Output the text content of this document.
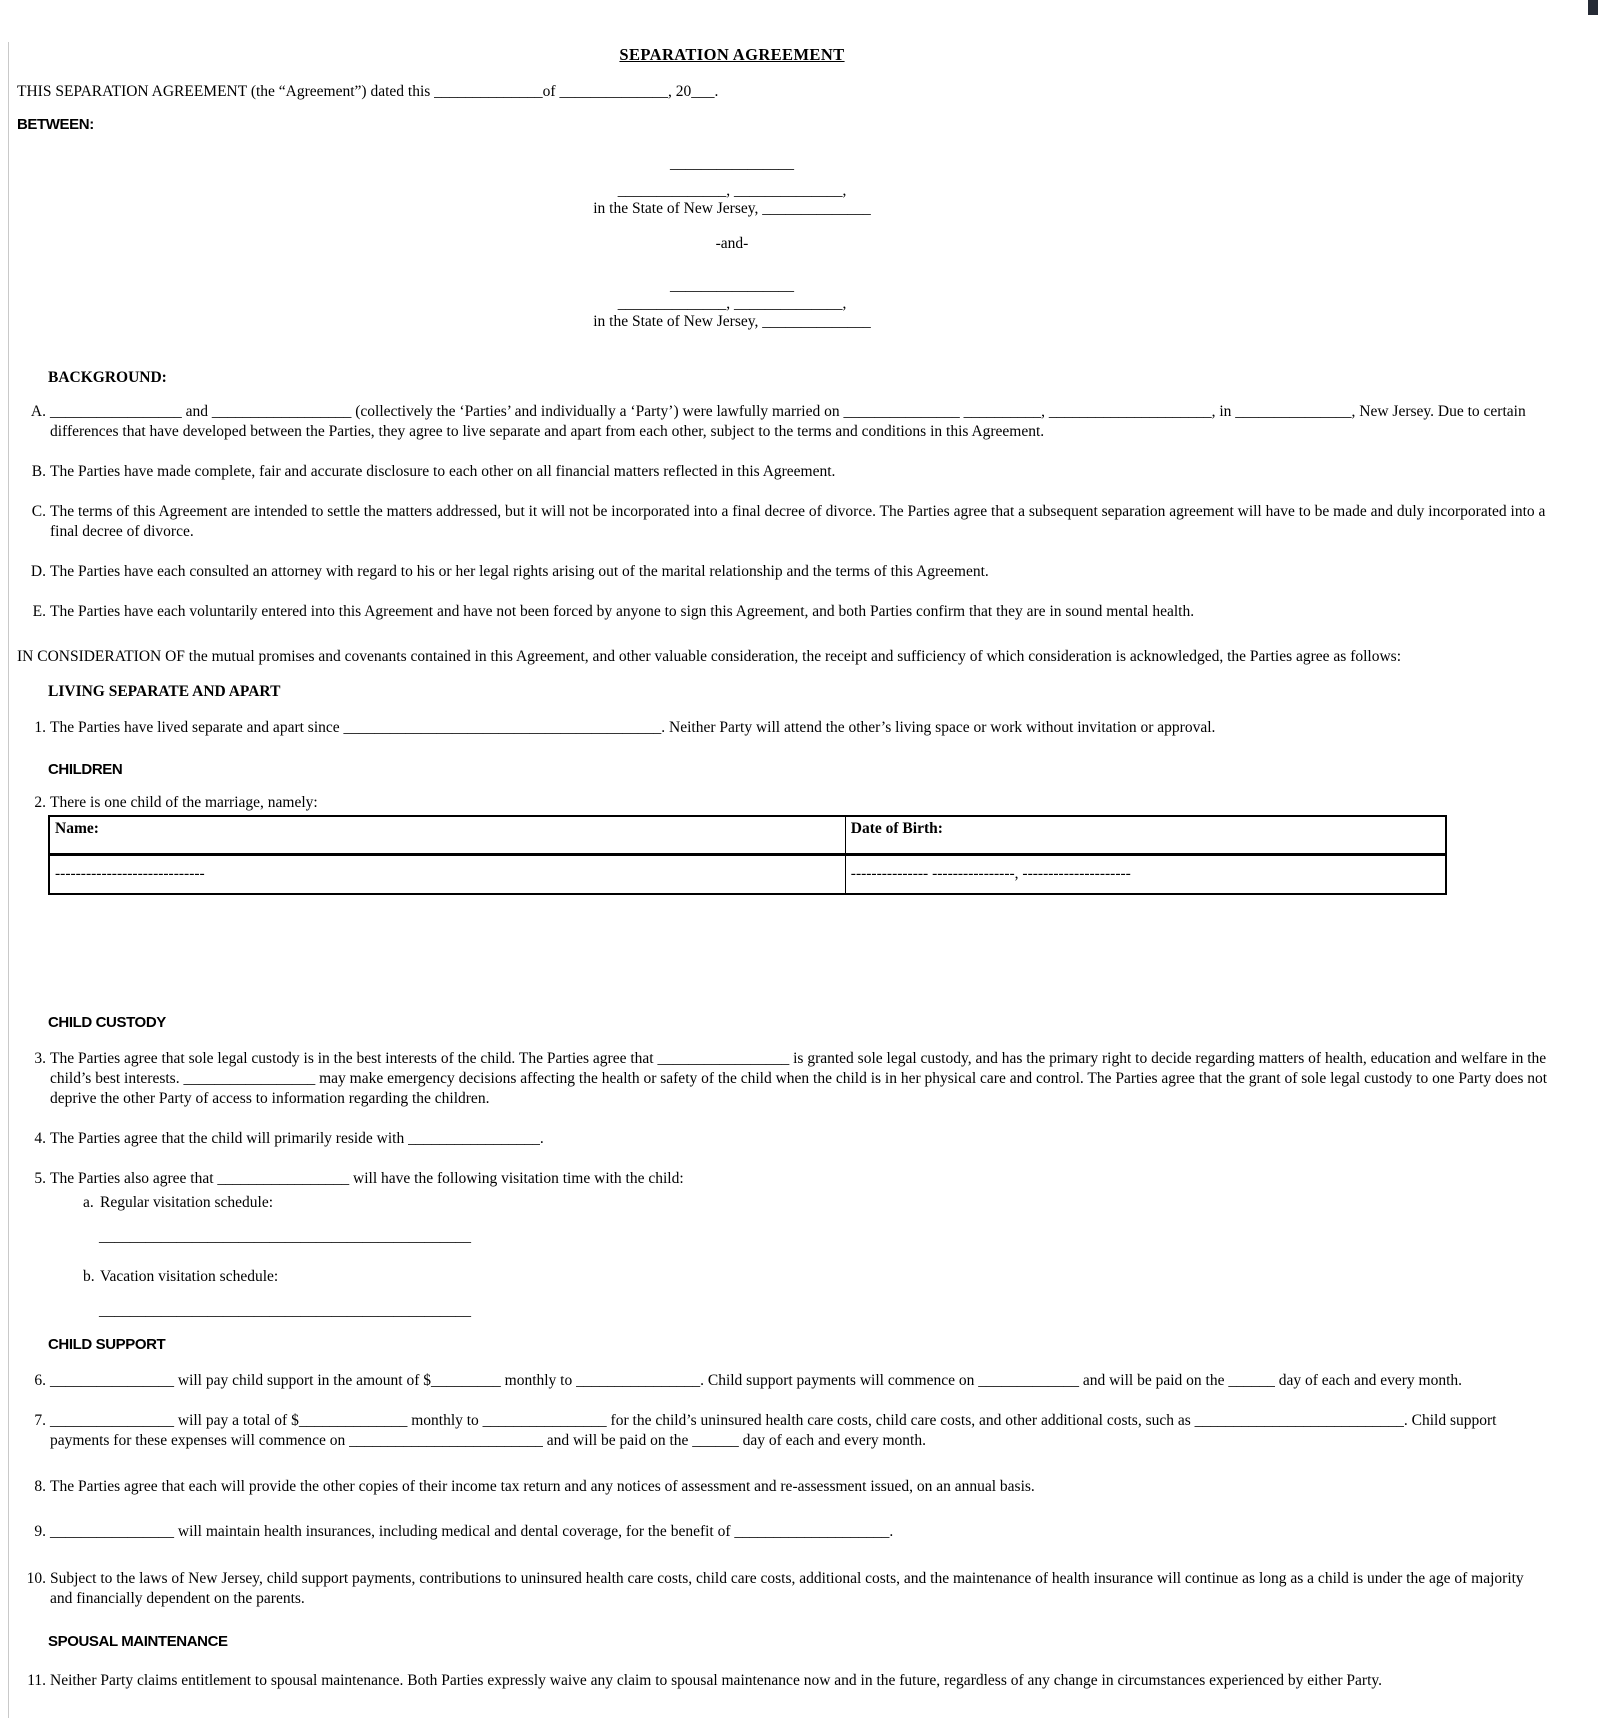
SEPARATION AGREEMENT

THIS SEPARATION AGREEMENT (the “Agreement”) dated this ______________of ______________, 20___.

BETWEEN:

________________

______________, ______________,

in the State of New Jersey, ______________

-and-

________________

______________, ______________,

in the State of New Jersey, ______________

BACKGROUND:
A. _________________ and __________________ (collectively the ‘Parties’ and individually a ‘Party’) were lawfully married on _______________ __________, _____________________, in _______________, New Jersey. Due to certain differences that have developed between the Parties, they agree to live separate and apart from each other, subject to the terms and conditions in this Agreement.
B. The Parties have made complete, fair and accurate disclosure to each other on all financial matters reflected in this Agreement.
C. The terms of this Agreement are intended to settle the matters addressed, but it will not be incorporated into a final decree of divorce. The Parties agree that a subsequent separation agreement will have to be made and duly incorporated into a final decree of divorce.
D. The Parties have each consulted an attorney with regard to his or her legal rights arising out of the marital relationship and the terms of this Agreement.
E. The Parties have each voluntarily entered into this Agreement and have not been forced by anyone to sign this Agreement, and both Parties confirm that they are in sound mental health.

IN CONSIDERATION OF the mutual promises and covenants contained in this Agreement, and other valuable consideration, the receipt and sufficiency of which consideration is acknowledged, the Parties agree as follows:

LIVING SEPARATE AND APART
1. The Parties have lived separate and apart since _________________________________________. Neither Party will attend the other’s living space or work without invitation or approval.
CHILDREN
2. There is one child of the marriage, namely:
Name:	Date of Birth:
-----------------------------	--------------- ----------------, ---------------------
CHILD CUSTODY
3. The Parties agree that sole legal custody is in the best interests of the child. The Parties agree that _________________ is granted sole legal custody, and has the primary right to decide regarding matters of health, education and welfare in the child’s best interests. _________________ may make emergency decisions affecting the health or safety of the child when the child is in her physical care and control. The Parties agree that the grant of sole legal custody to one Party does not deprive the other Party of access to information regarding the children.
4. The Parties agree that the child will primarily reside with _________________.
5. The Parties also agree that _________________ will have the following visitation time with the child:
a. Regular visitation schedule:
________________________________________________
b. Vacation visitation schedule:
________________________________________________
CHILD SUPPORT
6. ________________ will pay child support in the amount of $_________ monthly to ________________. Child support payments will commence on _____________ and will be paid on the ______ day of each and every month.
7. ________________ will pay a total of $______________ monthly to ________________ for the child’s uninsured health care costs, child care costs, and other additional costs, such as ___________________________. Child support payments for these expenses will commence on _________________________ and will be paid on the ______ day of each and every month.
8. The Parties agree that each will provide the other copies of their income tax return and any notices of assessment and re-assessment issued, on an annual basis.
9. ________________ will maintain health insurances, including medical and dental coverage, for the benefit of ____________________.
10. Subject to the laws of New Jersey, child support payments, contributions to uninsured health care costs, child care costs, additional costs, and the maintenance of health insurance will continue as long as a child is under the age of majority and financially dependent on the parents.
SPOUSAL MAINTENANCE
11. Neither Party claims entitlement to spousal maintenance. Both Parties expressly waive any claim to spousal maintenance now and in the future, regardless of any change in circumstances experienced by either Party.
